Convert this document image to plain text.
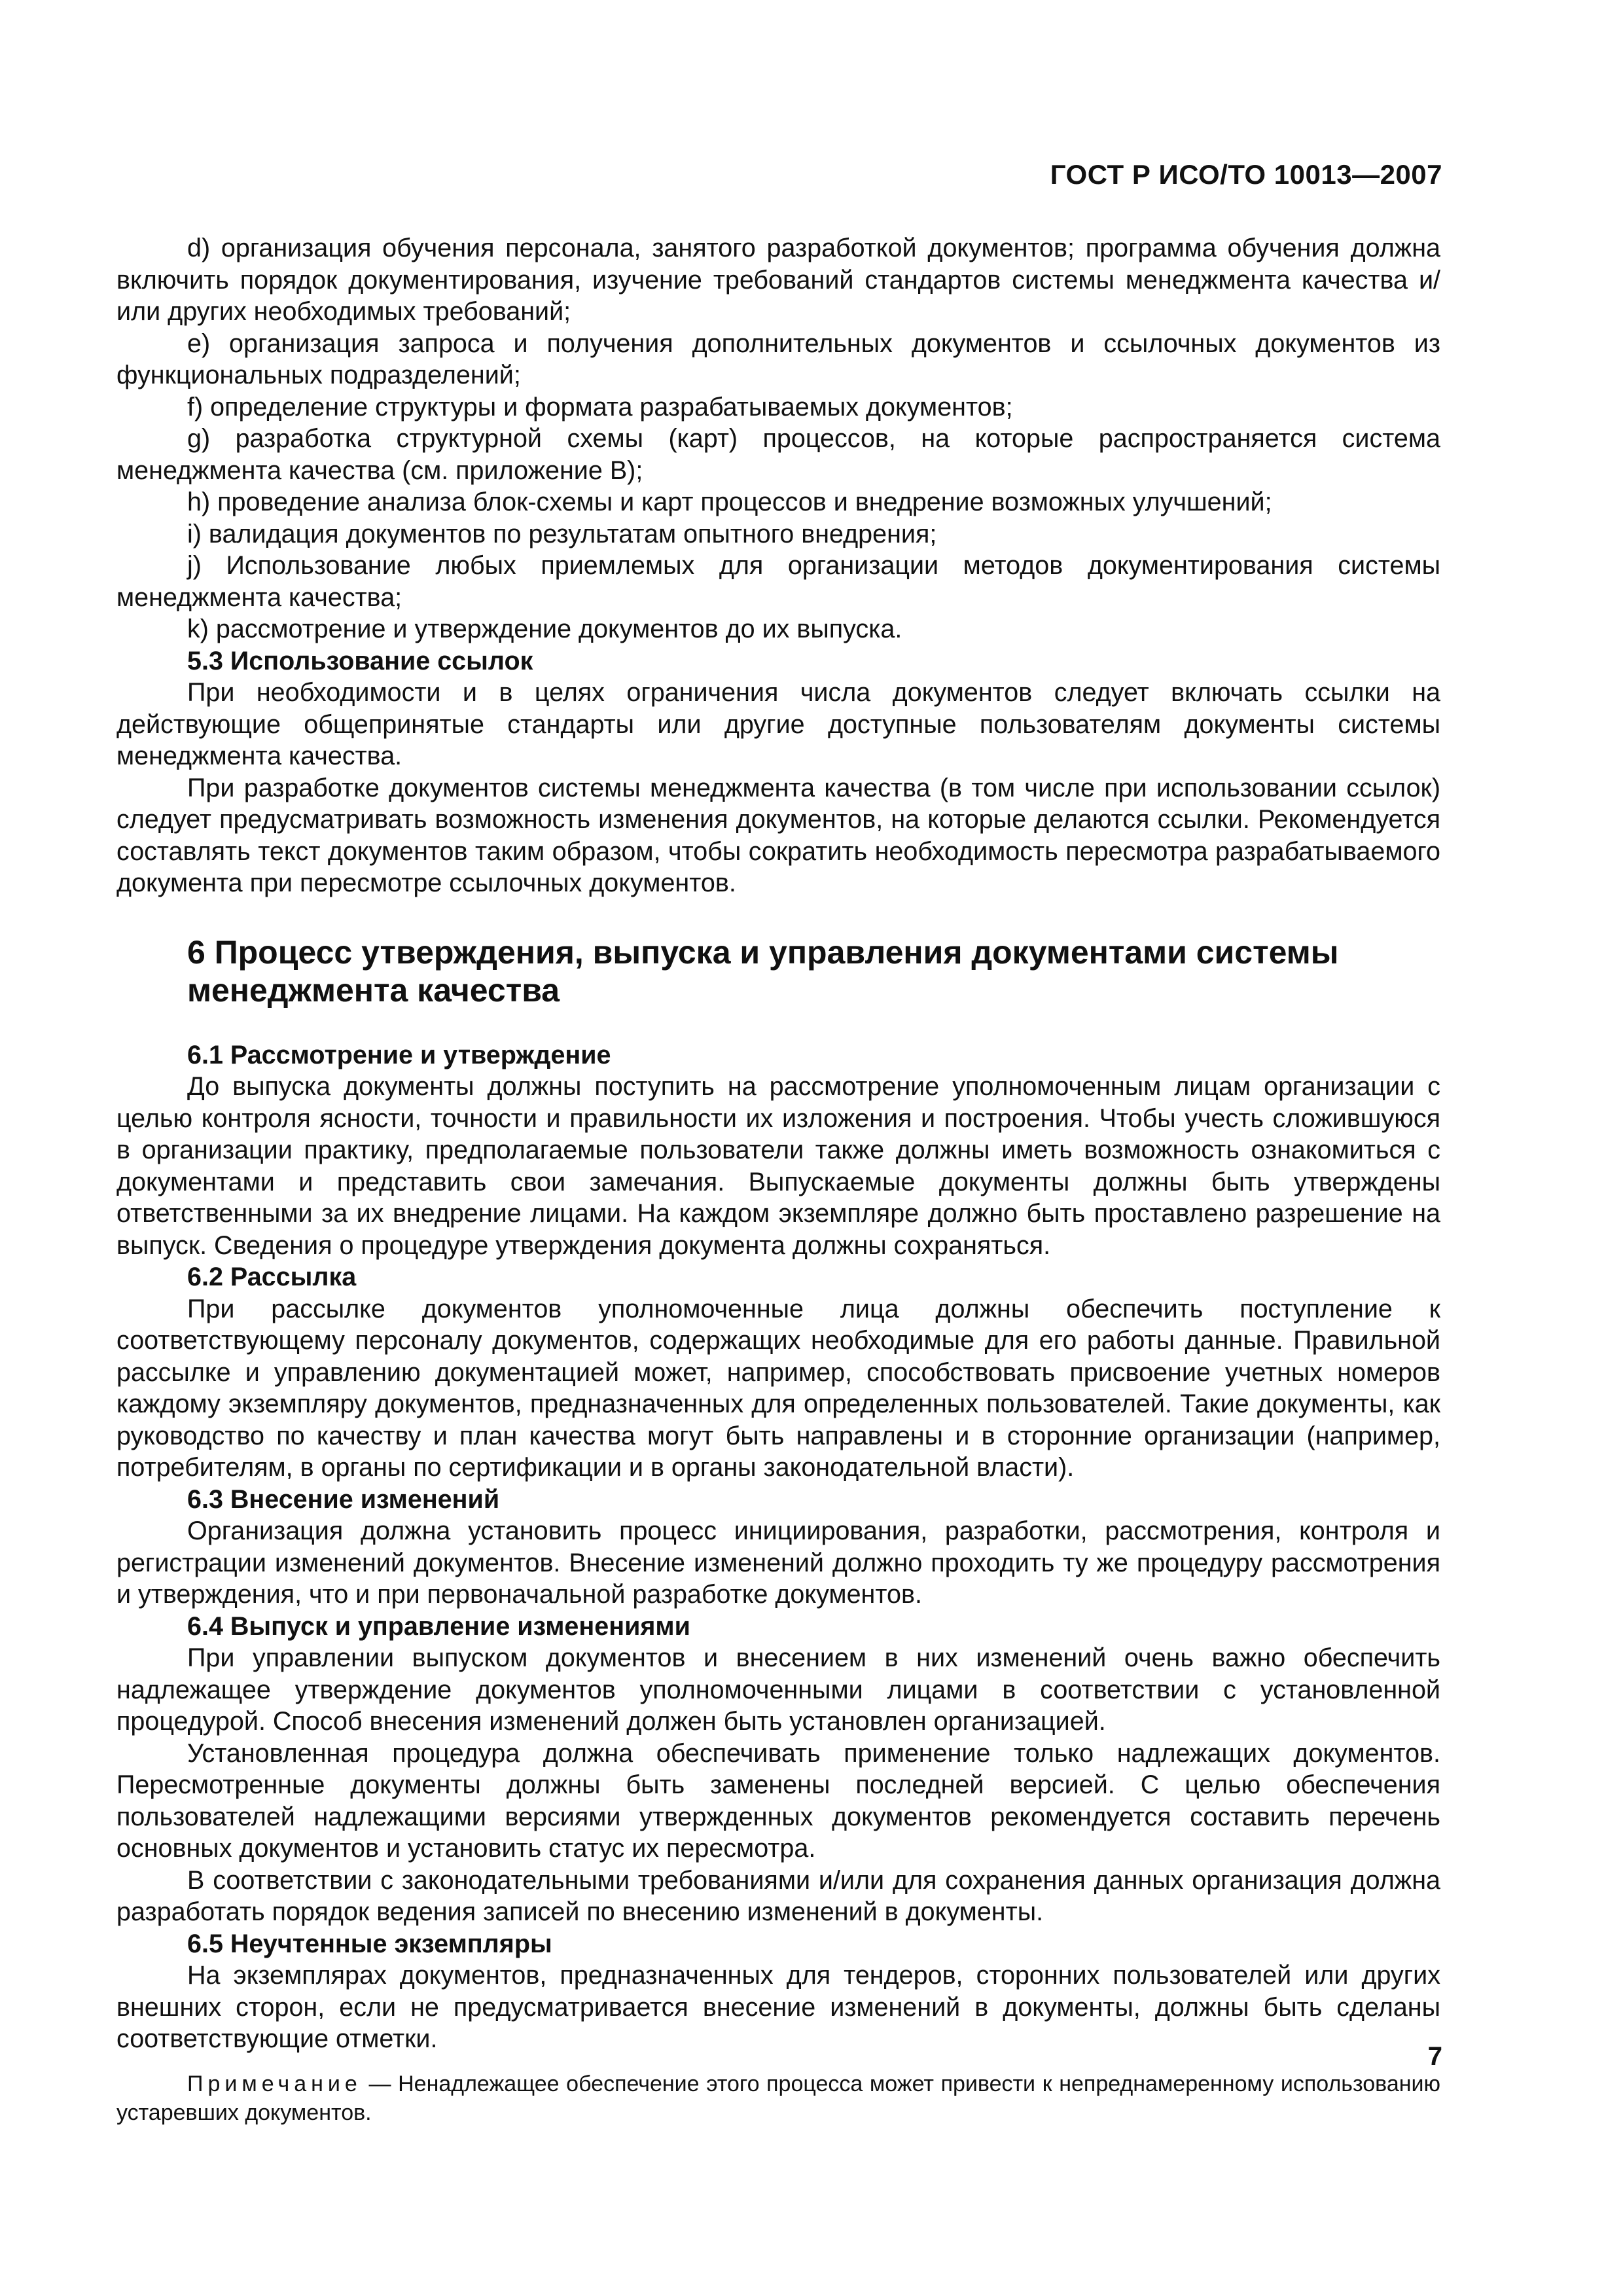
ГОСТ Р ИСО/ТО 10013—2007

d) организация обучения персонала, занятого разработкой документов; программа обучения должна включить порядок документирования, изучение требований стандартов системы менеджмента качества и/или других необходимых требований;

e) организация запроса и получения дополнительных документов и ссылочных документов из функциональных подразделений;

f) определение структуры и формата разрабатываемых документов;

g) разработка структурной схемы (карт) процессов, на которые распространяется система менеджмента качества (см. приложение В);

h) проведение анализа блок-схемы и карт процессов и внедрение возможных улучшений;

i) валидация документов по результатам опытного внедрения;

j) Использование любых приемлемых для организации методов документирования системы менеджмента качества;

k) рассмотрение и утверждение документов до их выпуска.

5.3 Использование ссылок

При необходимости и в целях ограничения числа документов следует включать ссылки на действующие общепринятые стандарты или другие доступные пользователям документы системы менеджмента качества.

При разработке документов системы менеджмента качества (в том числе при использовании ссылок) следует предусматривать возможность изменения документов, на которые делаются ссылки. Рекомендуется составлять текст документов таким образом, чтобы сократить необходимость пересмотра разрабатываемого документа при пересмотре ссылочных документов.

6 Процесс утверждения, выпуска и управления документами системы менеджмента качества

6.1 Рассмотрение и утверждение

До выпуска документы должны поступить на рассмотрение уполномоченным лицам организации с целью контроля ясности, точности и правильности их изложения и построения. Чтобы учесть сложившуюся в организации практику, предполагаемые пользователи также должны иметь возможность ознакомиться с документами и представить свои замечания. Выпускаемые документы должны быть утверждены ответственными за их внедрение лицами. На каждом экземпляре должно быть проставлено разрешение на выпуск. Сведения о процедуре утверждения документа должны сохраняться.

6.2 Рассылка

При рассылке документов уполномоченные лица должны обеспечить поступление к соответствующему персоналу документов, содержащих необходимые для его работы данные. Правильной рассылке и управлению документацией может, например, способствовать присвоение учетных номеров каждому экземпляру документов, предназначенных для определенных пользователей. Такие документы, как руководство по качеству и план качества могут быть направлены и в сторонние организации (например, потребителям, в органы по сертификации и в органы законодательной власти).

6.3 Внесение изменений

Организация должна установить процесс инициирования, разработки, рассмотрения, контроля и регистрации изменений документов. Внесение изменений должно проходить ту же процедуру рассмотрения и утверждения, что и при первоначальной разработке документов.

6.4 Выпуск и управление изменениями

При управлении выпуском документов и внесением в них изменений очень важно обеспечить надлежащее утверждение документов уполномоченными лицами в соответствии с установленной процедурой. Способ внесения изменений должен быть установлен организацией.

Установленная процедура должна обеспечивать применение только надлежащих документов. Пересмотренные документы должны быть заменены последней версией. С целью обеспечения пользователей надлежащими версиями утвержденных документов рекомендуется составить перечень основных документов и установить статус их пересмотра.

В соответствии с законодательными требованиями и/или для сохранения данных организация должна разработать порядок ведения записей по внесению изменений в документы.

6.5 Неучтенные экземпляры

На экземплярах документов, предназначенных для тендеров, сторонних пользователей или других внешних сторон, если не предусматривается внесение изменений в документы, должны быть сделаны соответствующие отметки.

Примечание — Ненадлежащее обеспечение этого процесса может привести к непреднамеренному использованию устаревших документов.

7
